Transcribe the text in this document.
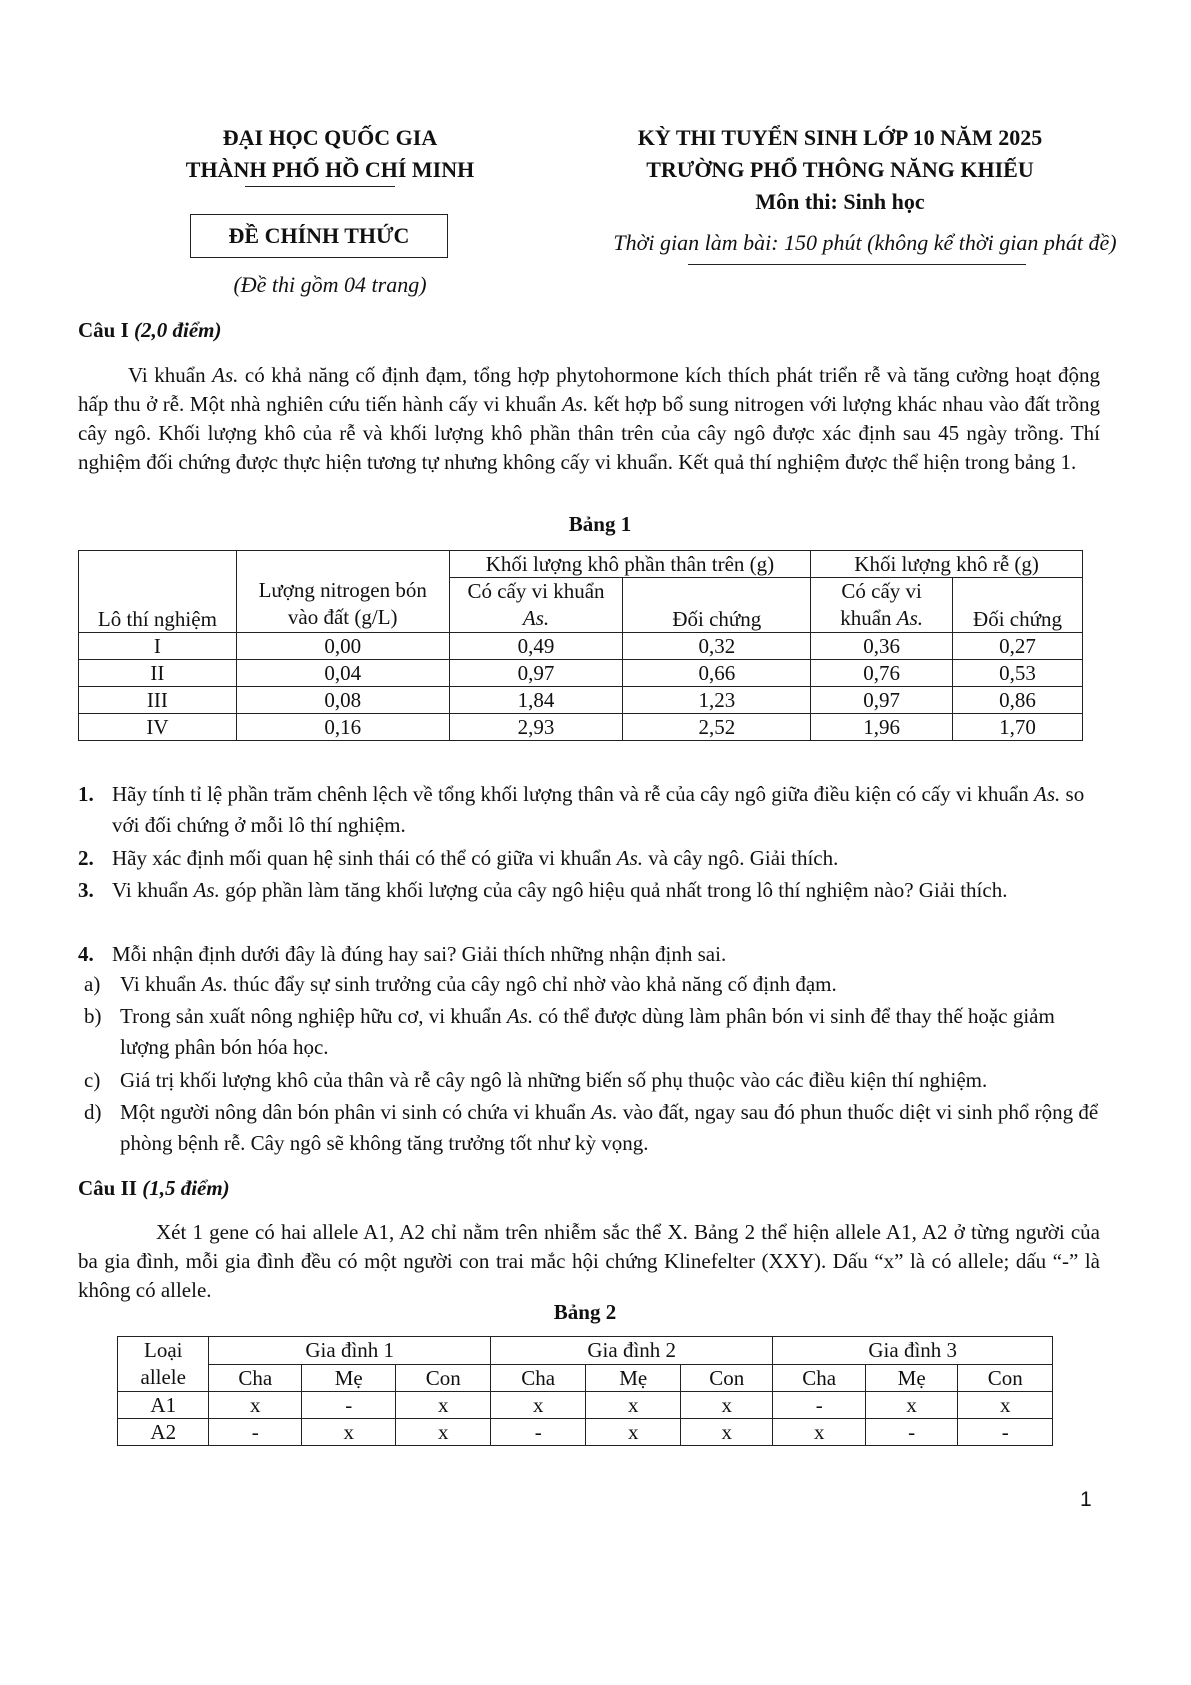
ĐẠI HỌC QUỐC GIA
THÀNH PHỐ HỒ CHÍ MINH
ĐỀ CHÍNH THỨC
(Đề thi gồm 04 trang)
KỲ THI TUYỂN SINH LỚP 10 NĂM 2025
TRƯỜNG PHỔ THÔNG NĂNG KHIẾU
Môn thi: Sinh học
Thời gian làm bài: 150 phút (không kể thời gian phát đề)
Câu I (2,0 điểm)

Vi khuẩn As. có khả năng cố định đạm, tổng hợp phytohormone kích thích phát triển rễ và tăng cường hoạt động hấp thu ở rễ. Một nhà nghiên cứu tiến hành cấy vi khuẩn As. kết hợp bổ sung nitrogen với lượng khác nhau vào đất trồng cây ngô. Khối lượng khô của rễ và khối lượng khô phần thân trên của cây ngô được xác định sau 45 ngày trồng. Thí nghiệm đối chứng được thực hiện tương tự nhưng không cấy vi khuẩn. Kết quả thí nghiệm được thể hiện trong bảng 1.

Bảng 1
		Khối lượng khô phần thân trên (g)		Khối lượng khô rễ (g)	
		Có cấy vi khuẩn As.	Đối chứng	Có cấy vi khuẩn As.	Đối chứng
Lô thí nghiệm	Lượng nitrogen bón vào đất (g/L)				
I	0,00	0,49	0,32	0,36	0,27
II	0,04	0,97	0,66	0,76	0,53
III	0,08	1,84	1,23	0,97	0,86
IV	0,16	2,93	2,52	1,96	1,70
1. Hãy tính tỉ lệ phần trăm chênh lệch về tổng khối lượng thân và rễ của cây ngô giữa điều kiện có cấy vi khuẩn As. so với đối chứng ở mỗi lô thí nghiệm.

2. Hãy xác định mối quan hệ sinh thái có thể có giữa vi khuẩn As. và cây ngô. Giải thích.

3. Vi khuẩn As. góp phần làm tăng khối lượng của cây ngô hiệu quả nhất trong lô thí nghiệm nào? Giải thích.

4. Mỗi nhận định dưới đây là đúng hay sai? Giải thích những nhận định sai.

a) Vi khuẩn As. thúc đẩy sự sinh trưởng của cây ngô chỉ nhờ vào khả năng cố định đạm.

b) Trong sản xuất nông nghiệp hữu cơ, vi khuẩn As. có thể được dùng làm phân bón vi sinh để thay thế hoặc giảm lượng phân bón hóa học.

c) Giá trị khối lượng khô của thân và rễ cây ngô là những biến số phụ thuộc vào các điều kiện thí nghiệm.

d) Một người nông dân bón phân vi sinh có chứa vi khuẩn As. vào đất, ngay sau đó phun thuốc diệt vi sinh phổ rộng để phòng bệnh rễ. Cây ngô sẽ không tăng trưởng tốt như kỳ vọng.

Câu II (1,5 điểm)

Xét 1 gene có hai allele A1, A2 chỉ nằm trên nhiễm sắc thể X. Bảng 2 thể hiện allele A1, A2 ở từng người của ba gia đình, mỗi gia đình đều có một người con trai mắc hội chứng Klinefelter (XXY). Dấu “x” là có allele; dấu “-” là không có allele.

Bảng 2
Loại allele	Gia đình 1			Gia đình 2			Gia đình 3		
	Cha	Mẹ	Con	Cha	Mẹ	Con	Cha	Mẹ	Con
A1	x	-	x	x	x	x	-	x	x
A2	-	x	x	-	x	x	x	-	-
1
